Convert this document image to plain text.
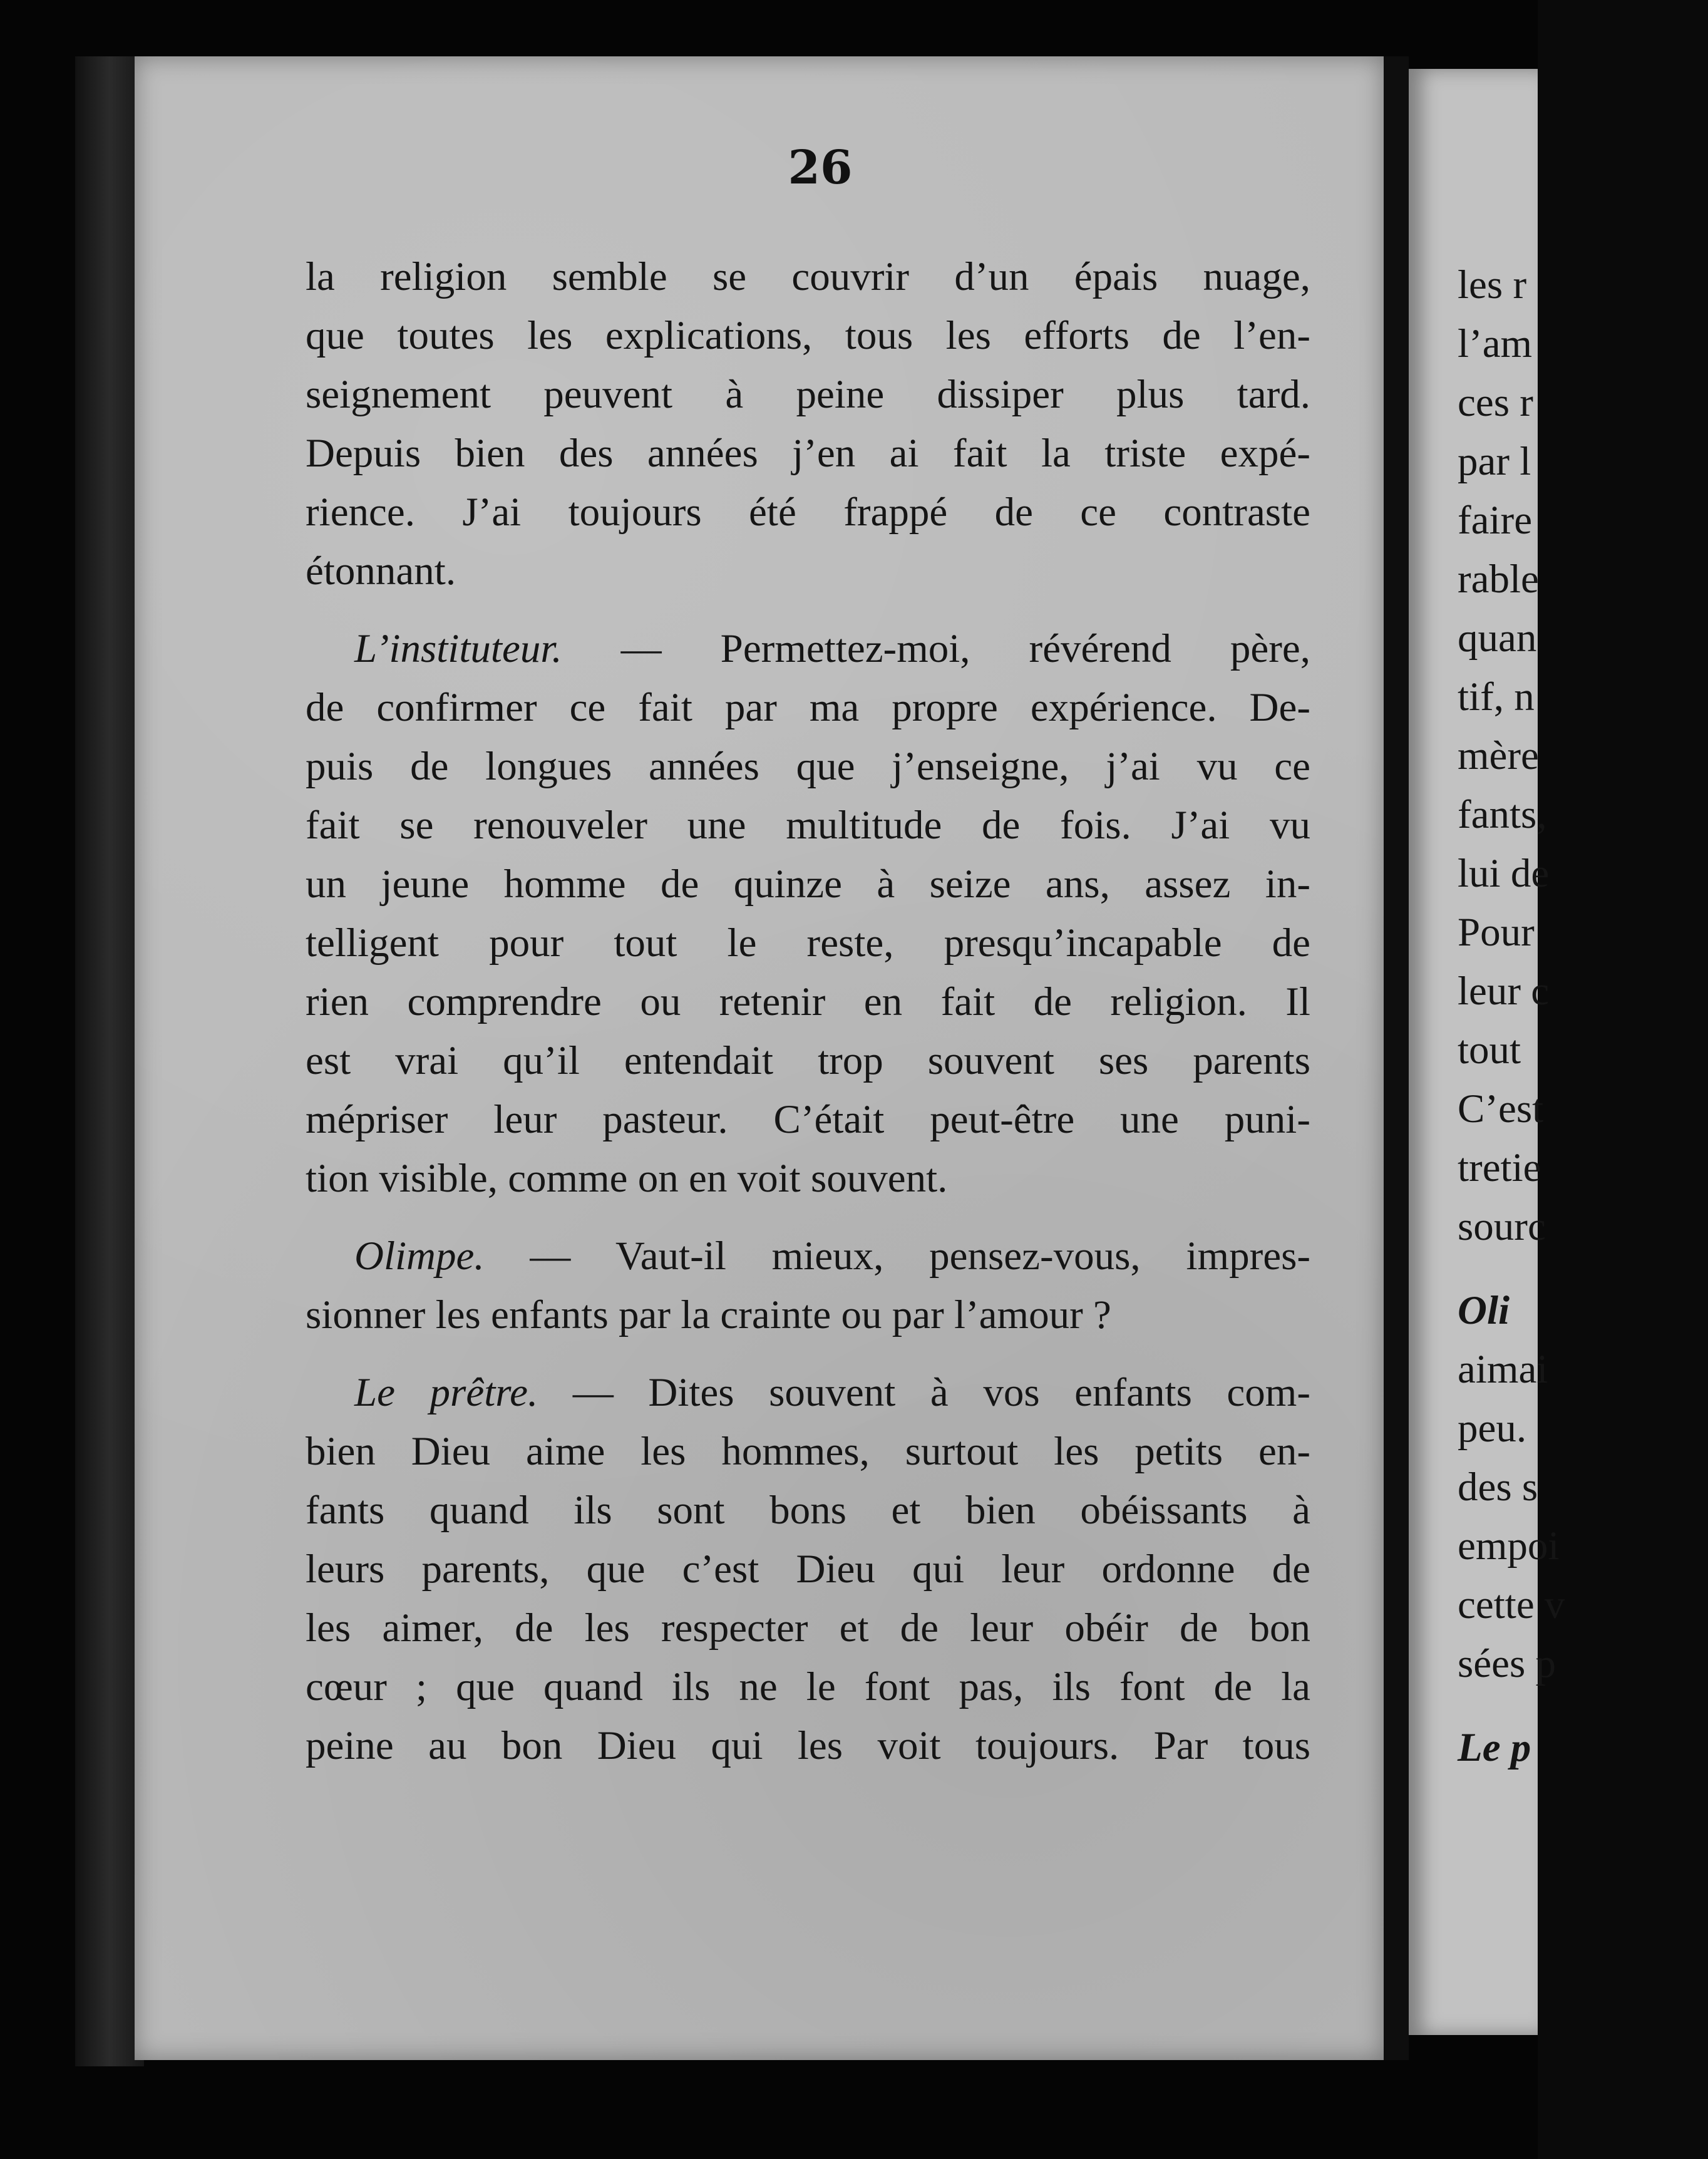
26
la religion semble se couvrir d’un épais nuage,
que toutes les explications, tous les efforts de l’en-
seignement peuvent à peine dissiper plus tard.
Depuis bien des années j’en ai fait la triste expé-
rience. J’ai toujours été frappé de ce contraste
étonnant.
L’instituteur. — Permettez-moi, révérend père,
de confirmer ce fait par ma propre expérience. De-
puis de longues années que j’enseigne, j’ai vu ce
fait se renouveler une multitude de fois. J’ai vu
un jeune homme de quinze à seize ans, assez in-
telligent pour tout le reste, presqu’incapable de
rien comprendre ou retenir en fait de religion. Il
est vrai qu’il entendait trop souvent ses parents
mépriser leur pasteur. C’était peut-être une puni-
tion visible, comme on en voit souvent.
Olimpe. — Vaut-il mieux, pensez-vous, impres-
sionner les enfants par la crainte ou par l’amour ?
Le prêtre. — Dites souvent à vos enfants com-
bien Dieu aime les hommes, surtout les petits en-
fants quand ils sont bons et bien obéissants à
leurs parents, que c’est Dieu qui leur ordonne de
les aimer, de les respecter et de leur obéir de bon
cœur ; que quand ils ne le font pas, ils font de la
peine au bon Dieu qui les voit toujours. Par tous
les r
l’am
ces r
par l
faire
rable
quan
tif, n
mère
fants,
lui de
Pour
leur c
tout
C’est
tretie
sourc
Oli
aimai
peu.
des s
empoi
cette v
sées p
Le p
